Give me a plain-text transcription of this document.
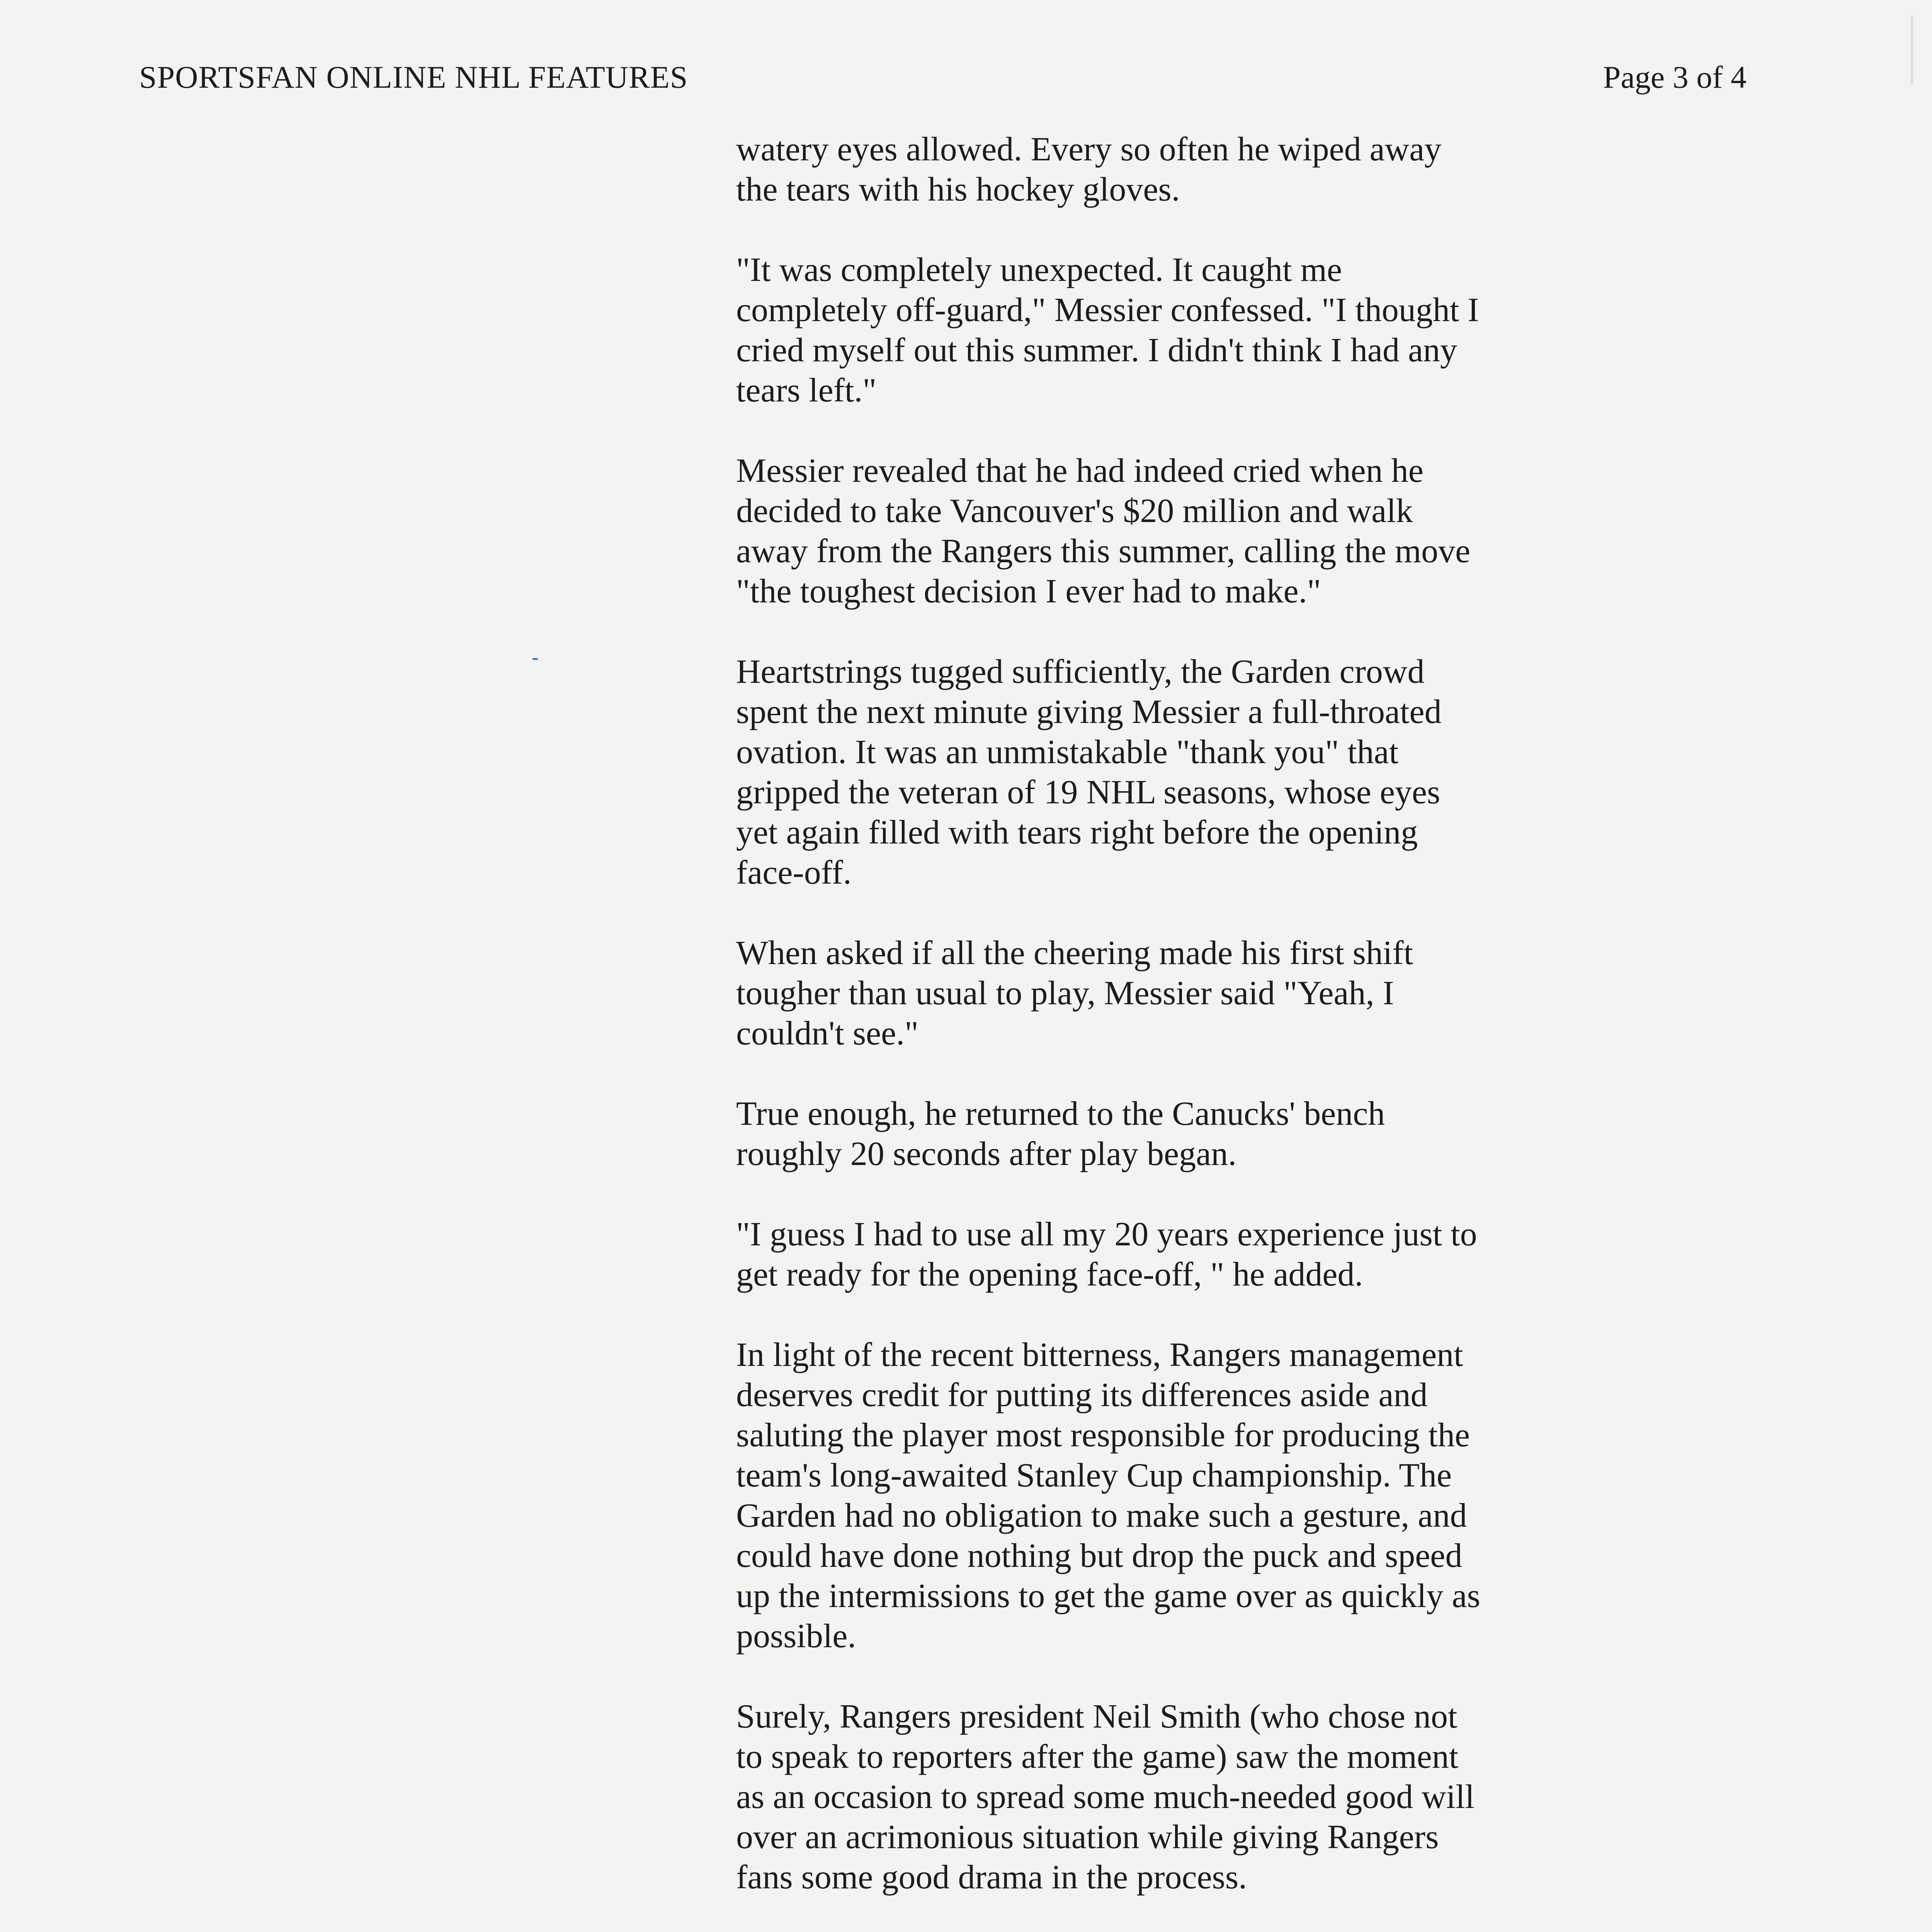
SPORTSFAN ONLINE NHL FEATURES	Page 3 of 4

watery eyes allowed. Every so often he wiped away
the tears with his hockey gloves.

"It was completely unexpected. It caught me
completely off-guard," Messier confessed. "I thought I
cried myself out this summer. I didn't think I had any
tears left."

Messier revealed that he had indeed cried when he
decided to take Vancouver's $20 million and walk
away from the Rangers this summer, calling the move
"the toughest decision I ever had to make."

Heartstrings tugged sufficiently, the Garden crowd
spent the next minute giving Messier a full-throated
ovation. It was an unmistakable "thank you" that
gripped the veteran of 19 NHL seasons, whose eyes
yet again filled with tears right before the opening
face-off.

When asked if all the cheering made his first shift
tougher than usual to play, Messier said "Yeah, I
couldn't see."

True enough, he returned to the Canucks' bench
roughly 20 seconds after play began.

"I guess I had to use all my 20 years experience just to
get ready for the opening face-off, " he added.

In light of the recent bitterness, Rangers management
deserves credit for putting its differences aside and
saluting the player most responsible for producing the
team's long-awaited Stanley Cup championship. The
Garden had no obligation to make such a gesture, and
could have done nothing but drop the puck and speed
up the intermissions to get the game over as quickly as
possible.

Surely, Rangers president Neil Smith (who chose not
to speak to reporters after the game) saw the moment
as an occasion to spread some much-needed good will
over an acrimonious situation while giving Rangers
fans some good drama in the process.
